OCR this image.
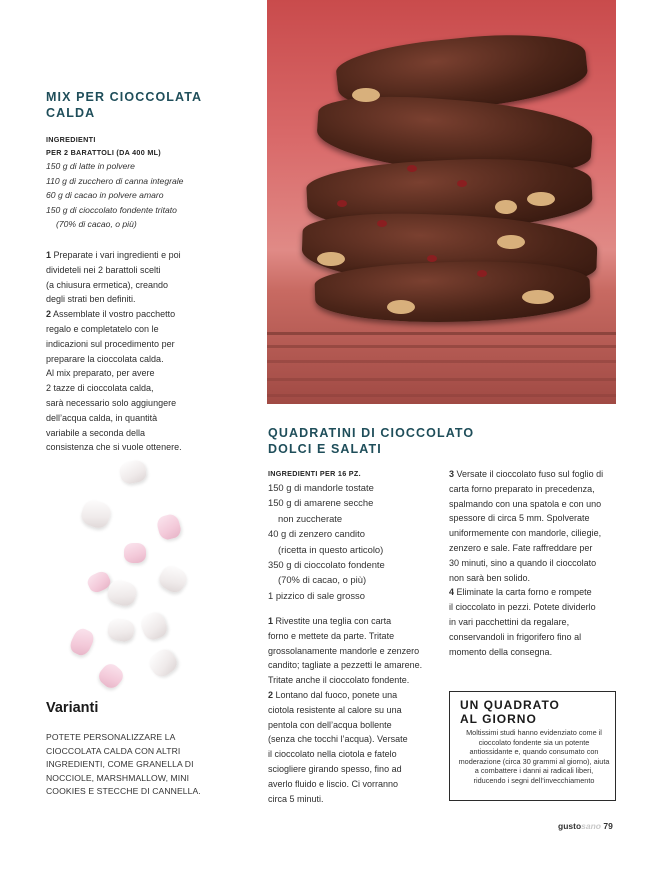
MIX PER CIOCCOLATA
CALDA
INGREDIENTI
PER 2 BARATTOLI (DA 400 ML)
150 g di latte in polvere
110 g di zucchero di canna integrale
60 g di cacao in polvere amaro
150 g di cioccolato fondente tritato
(70% di cacao, o più)
1 Preparate i vari ingredienti e poi
divideteli nei 2 barattoli scelti
(a chiusura ermetica), creando
degli strati ben definiti.
2 Assemblate il vostro pacchetto
regalo e completatelo con le
indicazioni sul procedimento per
preparare la cioccolata calda.
Al mix preparato, per avere
2 tazze di cioccolata calda,
sarà necessario solo aggiungere
dell’acqua calda, in quantità
variabile a seconda della
consistenza che si vuole ottenere.
Varianti
POTETE PERSONALIZZARE LA
CIOCCOLATA CALDA CON ALTRI
INGREDIENTI, COME GRANELLA DI
NOCCIOLE, MARSHMALLOW, MINI
COOKIES E STECCHE DI CANNELLA.
QUADRATINI DI CIOCCOLATO
DOLCI E SALATI
INGREDIENTI PER 16 PZ.
150 g di mandorle tostate
150 g di amarene secche
non zuccherate
40 g di zenzero candito
(ricetta in questo articolo)
350 g di cioccolato fondente
(70% di cacao, o più)
1 pizzico di sale grosso
1 Rivestite una teglia con carta
forno e mettete da parte. Tritate
grossolanamente mandorle e zenzero
candito; tagliate a pezzetti le amarene.
Tritate anche il cioccolato fondente.
2 Lontano dal fuoco, ponete una
ciotola resistente al calore su una
pentola con dell’acqua bollente
(senza che tocchi l’acqua). Versate
il cioccolato nella ciotola e fatelo
sciogliere girando spesso, fino ad
averlo fluido e liscio. Ci vorranno
circa 5 minuti.
3 Versate il cioccolato fuso sul foglio di
carta forno preparato in precedenza,
spalmando con una spatola e con uno
spessore di circa 5 mm. Spolverate
uniformemente con mandorle, ciliegie,
zenzero e sale. Fate raffreddare per
30 minuti, sino a quando il cioccolato
non sarà ben solido.
4 Eliminate la carta forno e rompete
il cioccolato in pezzi. Potete dividerlo
in vari pacchettini da regalare,
conservandoli in frigorifero fino al
momento della consegna.
UN QUADRATO
AL GIORNO
Moltissimi studi hanno evidenziato come il cioccolato fondente sia un potente antiossidante e, quando consumato con moderazione (circa 30 grammi al giorno), aiuta a combattere i danni ai radicali liberi, riducendo i segni dell’invecchiamento
gustosano 79
